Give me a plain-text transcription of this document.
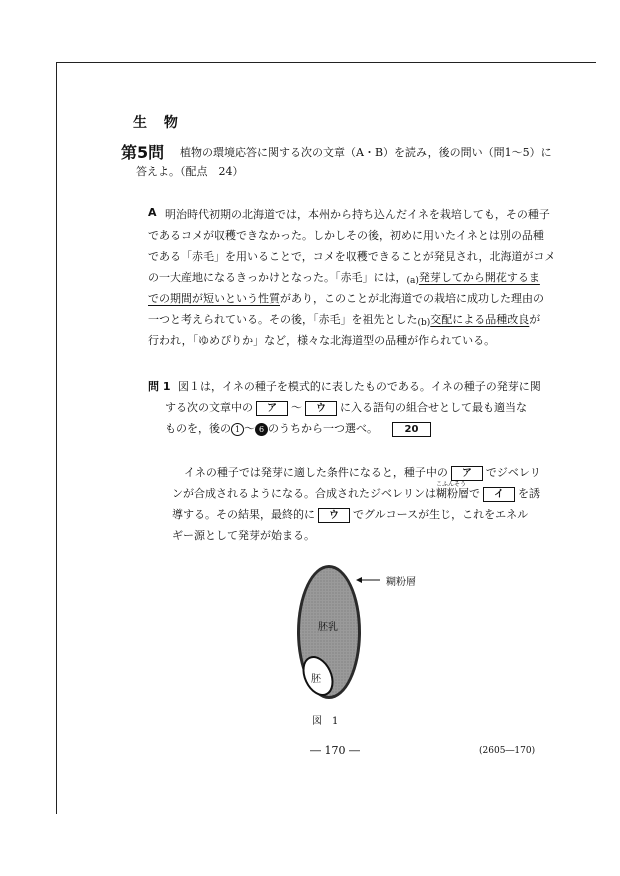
生 物
第5問 植物の環境応答に関する次の文章（A・B）を読み，後の問い（問1～5）に
答えよ。（配点　24）
A 明治時代初期の北海道では，本州から持ち込んだイネを栽培しても，その種子
であるコメが収穫できなかった。しかしその後，初めに用いたイネとは別の品種
である「赤毛」を用いることで，コメを収穫できることが発見され，北海道がコメ
の一大産地になるきっかけとなった。「赤毛」には，(a)発芽してから開花するま
での期間が短いという性質があり，このことが北海道での栽培に成功した理由の
一つと考えられている。その後，「赤毛」を祖先とした(b)交配による品種改良が
行われ，「ゆめぴりか」など，様々な北海道型の品種が作られている。
問 1 図１は，イネの種子を模式的に表したものである。イネの種子の発芽に関
する次の文章中の ア ～ ウ に入る語句の組合せとして最も適当な
ものを，後の 1 ～ 6 のうちから一つ選べ。	20
イネの種子では発芽に適した条件になると，種子中の ア でジベレリ
ンが合成されるようになる。合成されたジベレリンは糊粉層
こふんそう
で イ を誘
導する。その結果，最終的に ウ でグルコースが生じ，これをエネル
ギー源として発芽が始まる。
糊粉層
胚乳
胚
図　1
― 170 ―	(2605―170)
